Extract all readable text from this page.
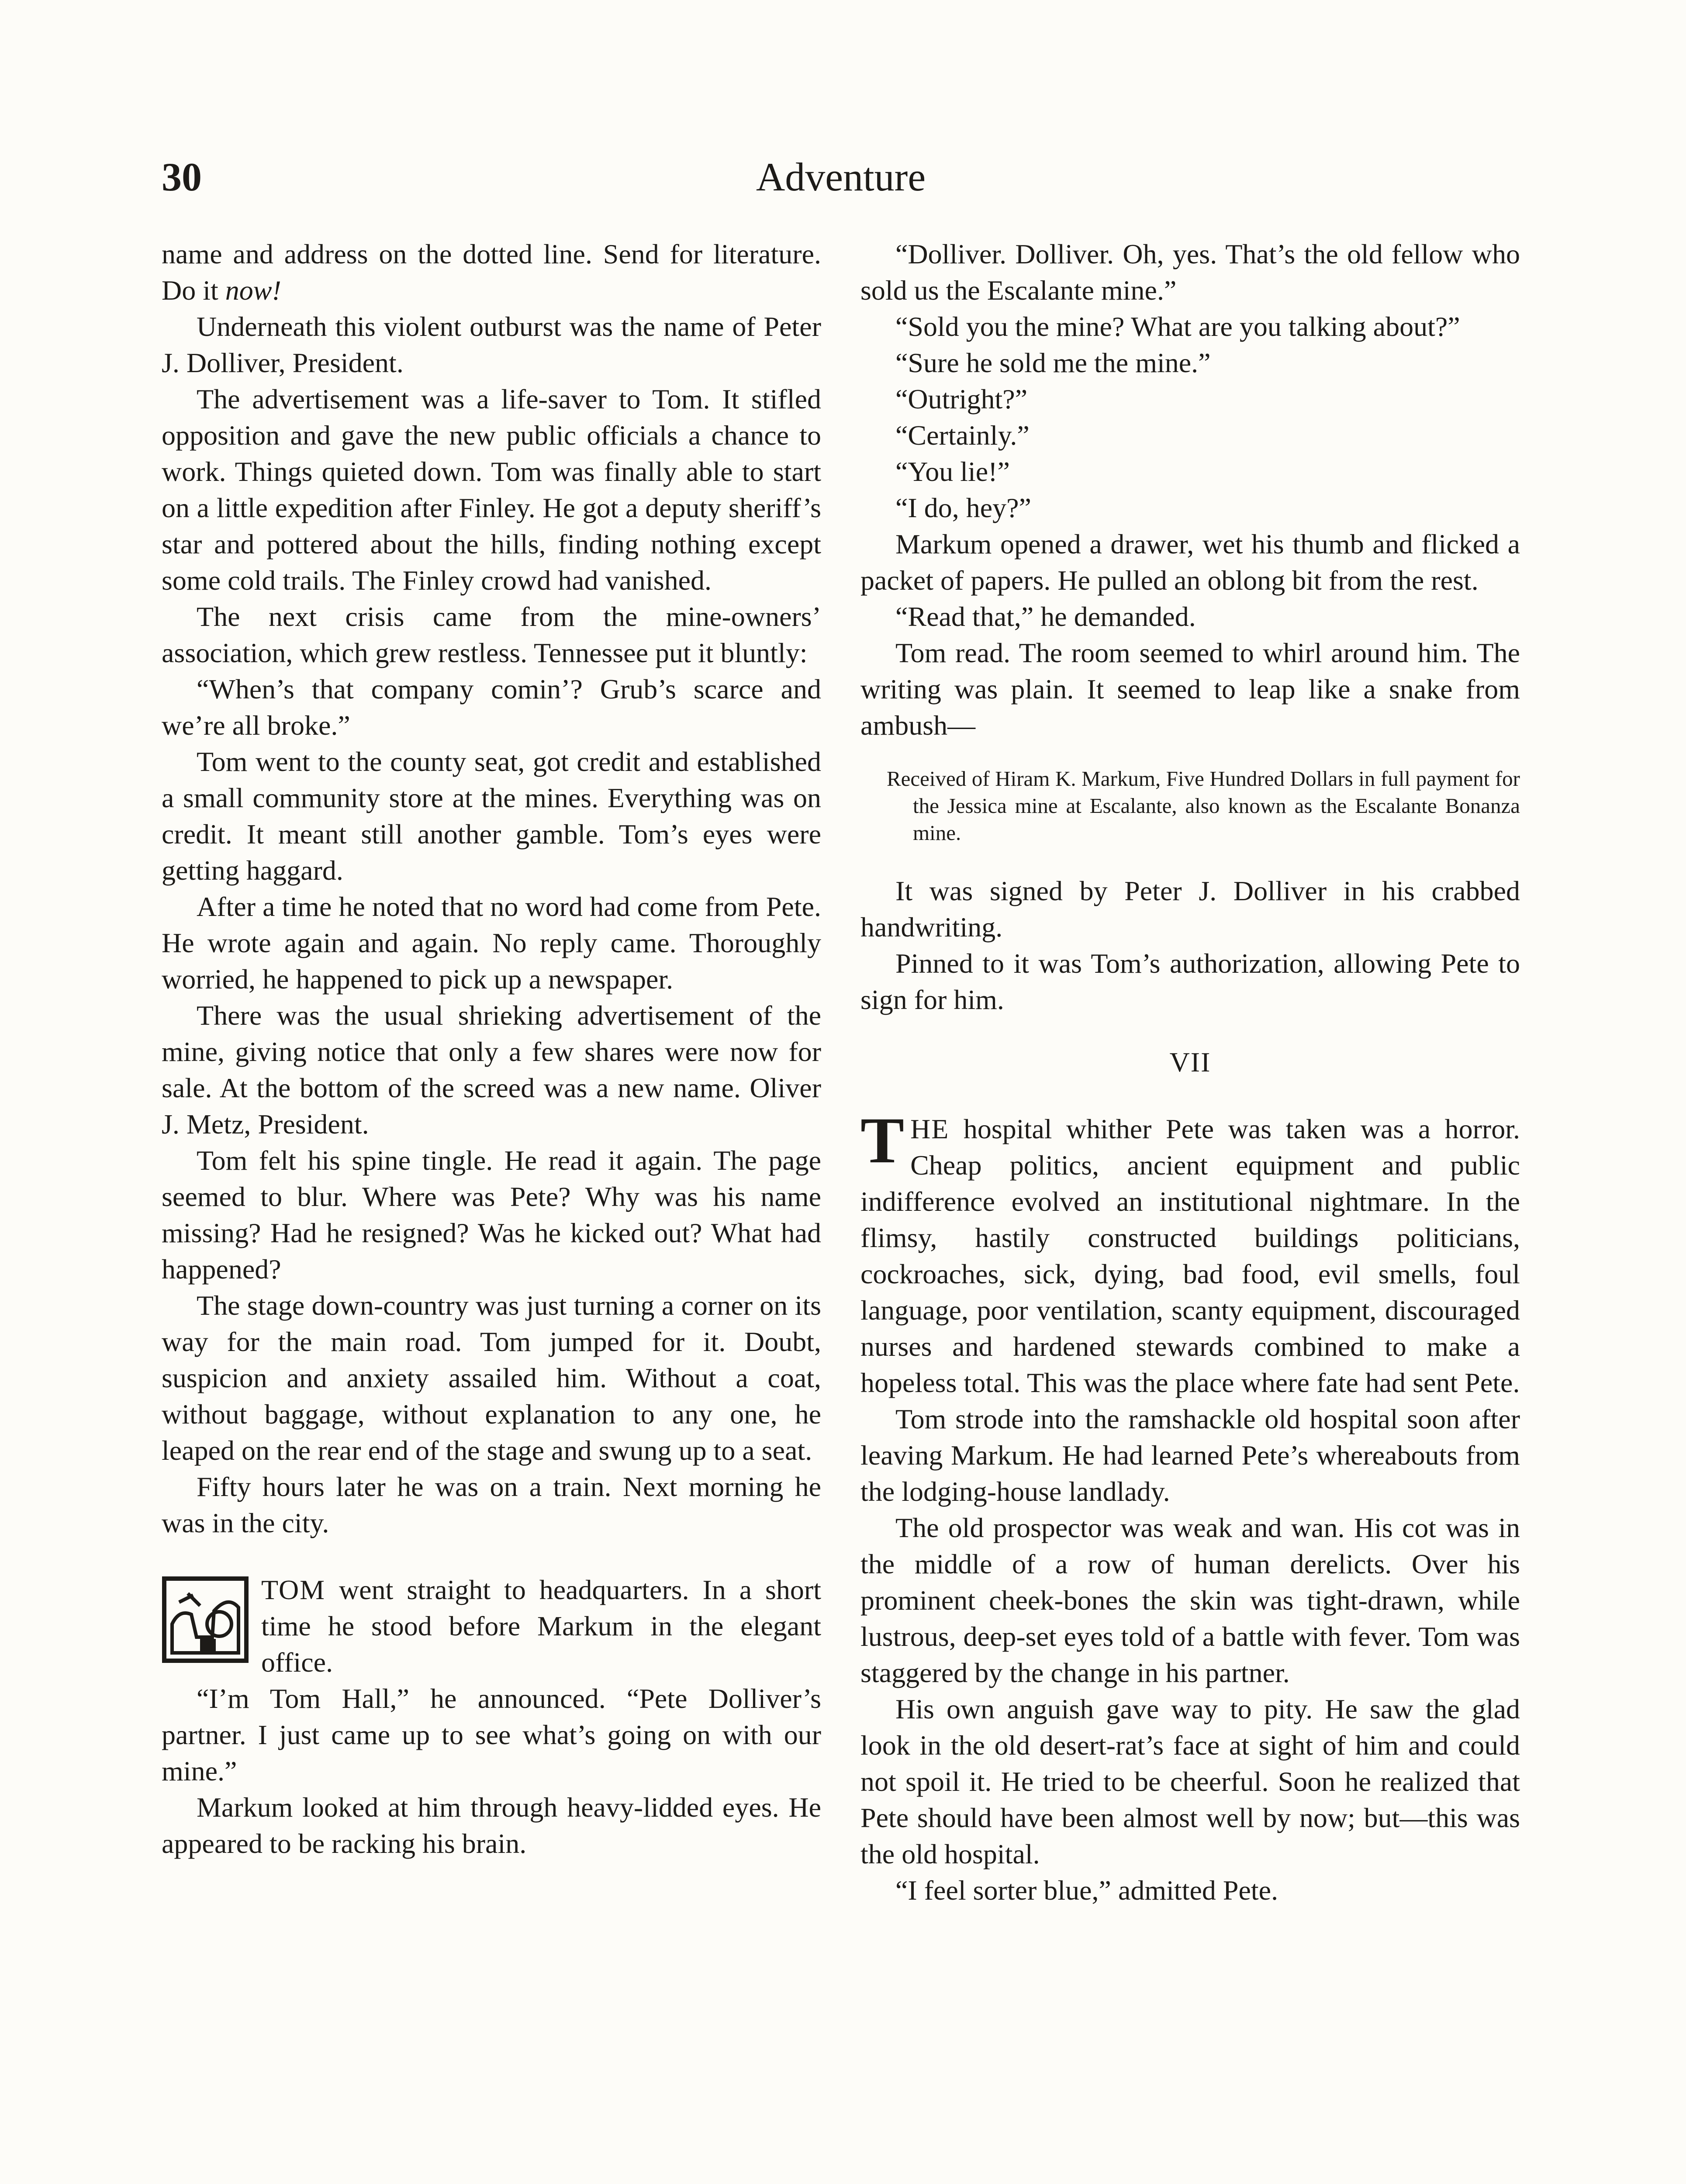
30	Adventure

name and address on the dotted line. Send for literature. Do it now!

Underneath this violent outburst was the name of Peter J. Dolliver, President.

The advertisement was a life-saver to Tom. It stifled opposition and gave the new public officials a chance to work. Things quieted down. Tom was finally able to start on a little expedition after Finley. He got a deputy sheriff’s star and pottered about the hills, finding nothing except some cold trails. The Finley crowd had vanished.

The next crisis came from the mine-owners’ association, which grew restless. Tennessee put it bluntly:

“When’s that company comin’? Grub’s scarce and we’re all broke.”

Tom went to the county seat, got credit and established a small community store at the mines. Everything was on credit. It meant still another gamble. Tom’s eyes were getting haggard.

After a time he noted that no word had come from Pete. He wrote again and again. No reply came. Thoroughly worried, he happened to pick up a newspaper.

There was the usual shrieking advertisement of the mine, giving notice that only a few shares were now for sale. At the bottom of the screed was a new name. Oliver J. Metz, President.

Tom felt his spine tingle. He read it again. The page seemed to blur. Where was Pete? Why was his name missing? Had he resigned? Was he kicked out? What had happened?

The stage down-country was just turning a corner on its way for the main road. Tom jumped for it. Doubt, suspicion and anxiety assailed him. Without a coat, without baggage, without explanation to any one, he leaped on the rear end of the stage and swung up to a seat.

Fifty hours later he was on a train. Next morning he was in the city.

TOM went straight to headquarters. In a short time he stood before Markum in the elegant office.

“I’m Tom Hall,” he announced. “Pete Dolliver’s partner. I just came up to see what’s going on with our mine.”

Markum looked at him through heavy-lidded eyes. He appeared to be racking his brain.

“Dolliver. Dolliver. Oh, yes. That’s the old fellow who sold us the Escalante mine.”

“Sold you the mine? What are you talking about?”

“Sure he sold me the mine.”

“Outright?”

“Certainly.”

“You lie!”

“I do, hey?”

Markum opened a drawer, wet his thumb and flicked a packet of papers. He pulled an oblong bit from the rest.

“Read that,” he demanded.

Tom read. The room seemed to whirl around him. The writing was plain. It seemed to leap like a snake from ambush—

Received of Hiram K. Markum, Five Hundred Dollars in full payment for the Jessica mine at Escalante, also known as the Escalante Bonanza mine.

It was signed by Peter J. Dolliver in his crabbed handwriting.

Pinned to it was Tom’s authorization, allowing Pete to sign for him.

VII

THE hospital whither Pete was taken was a horror. Cheap politics, ancient equipment and public indifference evolved an institutional nightmare. In the flimsy, hastily constructed buildings politicians, cockroaches, sick, dying, bad food, evil smells, foul language, poor ventilation, scanty equipment, discouraged nurses and hardened stewards combined to make a hopeless total. This was the place where fate had sent Pete.

Tom strode into the ramshackle old hospital soon after leaving Markum. He had learned Pete’s whereabouts from the lodging-house landlady.

The old prospector was weak and wan. His cot was in the middle of a row of human derelicts. Over his prominent cheek-bones the skin was tight-drawn, while lustrous, deep-set eyes told of a battle with fever. Tom was staggered by the change in his partner.

His own anguish gave way to pity. He saw the glad look in the old desert-rat’s face at sight of him and could not spoil it. He tried to be cheerful. Soon he realized that Pete should have been almost well by now; but—this was the old hospital.

“I feel sorter blue,” admitted Pete.
